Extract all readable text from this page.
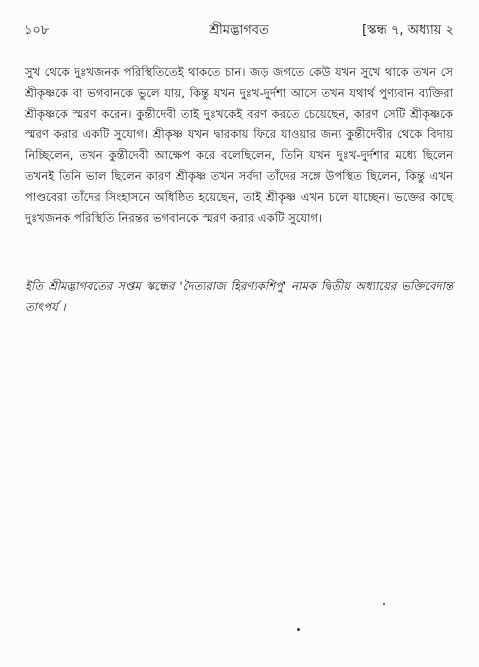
১০৮	শ্রীমদ্ভাগবত	[স্কন্ধ ৭, অধ্যায় ২
সুখ থেকে দুঃখজনক পরিস্থিতিতেই থাকতে চান। জড় জগতে কেউ যখন সুখে থাকে তখন সে শ্রীকৃষ্ণকে বা ভগবানকে ভুলে যায়, কিন্তু যখন দুঃখ-দুর্দশা আসে তখন যথার্থ পুণ্যবান ব্যক্তিরা শ্রীকৃষ্ণকে স্মরণ করেন। কুন্তীদেবী তাই দুঃখকেই বরণ করতে চেয়েছেন, কারণ সেটি শ্রীকৃষ্ণকে স্মরণ করার একটি সুযোগ। শ্রীকৃষ্ণ যখন দ্বারকায় ফিরে যাওয়ার জন্য কুন্তীদেবীর থেকে বিদায় নিচ্ছিলেন, তখন কুন্তীদেবী আক্ষেপ করে বলেছিলেন, তিনি যখন দুঃখ-দুর্দশার মধ্যে ছিলেন তখনই তিনি ভাল ছিলেন কারণ শ্রীকৃষ্ণ তখন সর্বদা তাঁদের সঙ্গে উপস্থিত ছিলেন, কিন্তু এখন পাণ্ডবেরা তাঁদের সিংহাসনে অধিষ্ঠিত হয়েছেন, তাই শ্রীকৃষ্ণ এখন চলে যাচ্ছেন। ভক্তের কাছে দুঃখজনক পরিস্থিতি নিরন্তর ভগবানকে স্মরণ করার একটি সুযোগ।
ইতি শ্রীমদ্ভাগবতের সপ্তম স্কন্ধের 'দৈত্যরাজ হিরণ্যকশিপু' নামক দ্বিতীয় অধ্যায়ের ভক্তিবেদান্ত তাৎপর্য ।
